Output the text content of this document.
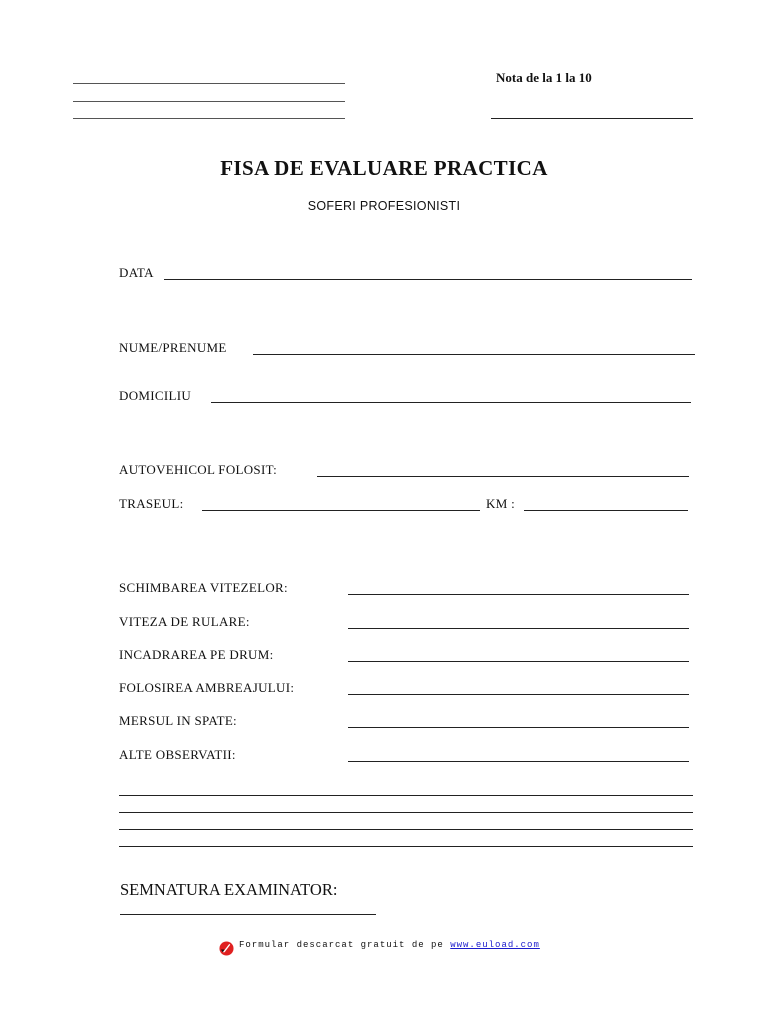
Nota de la 1 la 10
FISA DE EVALUARE PRACTICA
SOFERI PROFESIONISTI
DATA
NUME/PRENUME
DOMICILIU
AUTOVEHICOL FOLOSIT:
TRASEUL:	KM :
SCHIMBAREA VITEZELOR:
VITEZA DE RULARE:
INCADRAREA PE DRUM:
FOLOSIREA AMBREAJULUI:
MERSUL IN SPATE:
ALTE OBSERVATII:
SEMNATURA EXAMINATOR:
Formular descarcat gratuit de pe www.euload.com
